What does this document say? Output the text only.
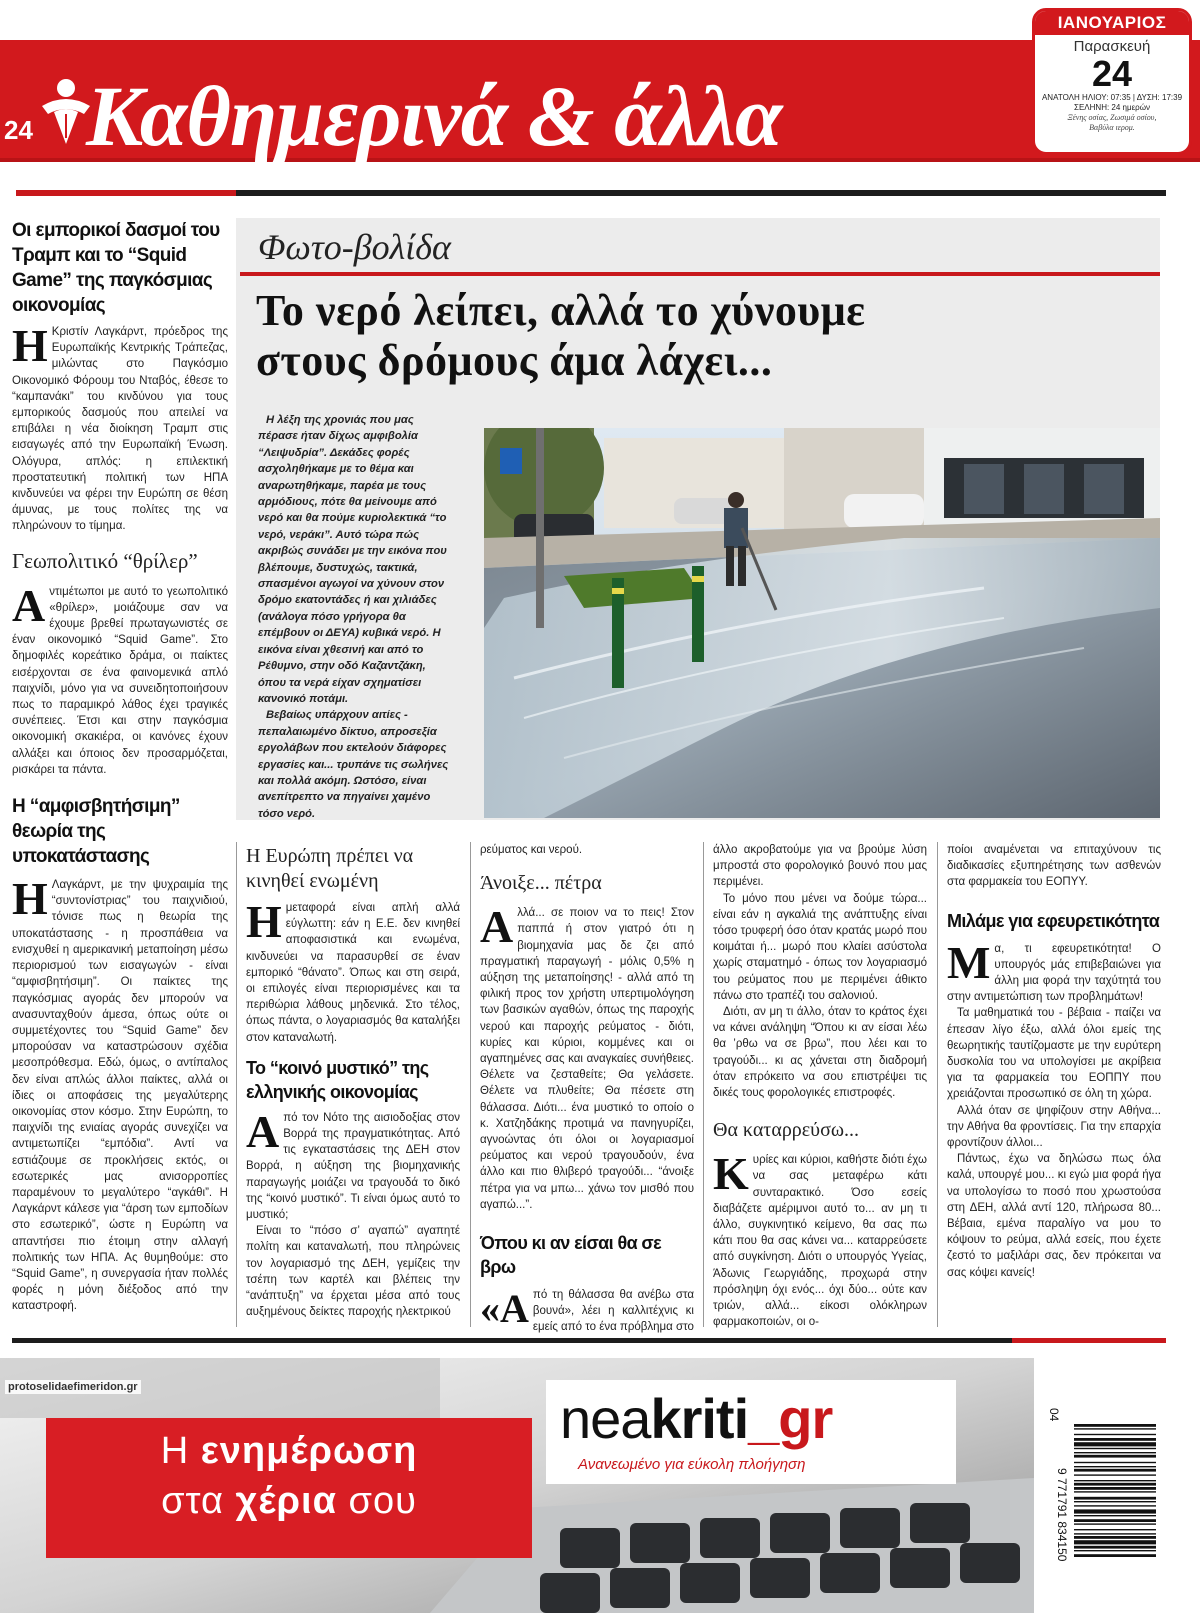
24 Καθημερινά & άλλα
ΙΑΝΟΥΑΡΙΟΣ
Παρασκευή
24
ΑΝΑΤΟΛΗ ΗΛΙΟΥ: 07:35 | ΔΥΣΗ: 17:39
ΣΕΛΗΝΗ: 24 ημερών
Ξένης οσίας, Ζωσιμά οσίου,
Βαβύλα ιερομ.
Οι εμπορικοί δασμοί του Τραμπ και το “Squid Game” της παγκόσμιας οικονομίας
Η Κριστίν Λαγκάρντ, πρόεδρος της Ευρωπαϊκής Κεντρικής Τράπεζας, μιλώντας στο Παγκόσμιο Οικονομικό Φόρουμ του Νταβός, έθεσε το “καμπανάκι” του κινδύνου για τους εμπορικούς δασμούς που απειλεί να επιβάλει η νέα διοίκηση Τραμπ στις εισαγωγές από την Ευρωπαϊκή Ένωση. Ολόγυρα, απλός: η επιλεκτική προστατευτική πολιτική των ΗΠΑ κινδυνεύει να φέρει την Ευρώπη σε θέση άμυνας, με τους πολίτες της να πληρώνουν το τίμημα.
Γεωπολιτικό “θρίλερ”
Αντιμέτωποι με αυτό το γεωπολιτικό «θρίλερ», μοιάζουμε σαν να έχουμε βρεθεί πρωταγωνιστές σε έναν οικονομικό “Squid Game”. Στο δημοφιλές κορεάτικο δράμα, οι παίκτες εισέρχονται σε ένα φαινομενικά απλό παιχνίδι, μόνο για να συνειδητοποιήσουν πως το παραμικρό λάθος έχει τραγικές συνέπειες. Έτσι και στην παγκόσμια οικονομική σκακιέρα, οι κανόνες έχουν αλλάξει και όποιος δεν προσαρμόζεται, ρισκάρει τα πάντα.
Η “αμφισβητήσιμη” θεωρία της υποκατάστασης
Η Λαγκάρντ, με την ψυχραιμία της “συντονίστριας” του παιχνιδιού, τόνισε πως η θεωρία της υποκατάστασης - η προσπάθεια να ενισχυθεί η αμερικανική μεταποίηση μέσω περιορισμού των εισαγωγών - είναι “αμφισβητήσιμη”. Οι παίκτες της παγκόσμιας αγοράς δεν μπορούν να ανασυνταχθούν άμεσα, όπως ούτε οι συμμετέχοντες του “Squid Game” δεν μπορούσαν να καταστρώσουν σχέδια μεσοπρόθεσμα. Εδώ, όμως, ο αντίπαλος δεν είναι απλώς άλλοι παίκτες, αλλά οι ίδιες οι αποφάσεις της μεγαλύτερης οικονομίας στον κόσμο. Στην Ευρώπη, το παιχνίδι της ενιαίας αγοράς συνεχίζει να αντιμετωπίζει “εμπόδια”. Αντί να εστιάζουμε σε προκλήσεις εκτός, οι εσωτερικές μας ανισορροπίες παραμένουν το μεγαλύτερο “αγκάθι”. Η Λαγκάρντ κάλεσε για “άρση των εμποδίων στο εσωτερικό”, ώστε η Ευρώπη να απαντήσει πιο έτοιμη στην αλλαγή πολιτικής των ΗΠΑ. Ας θυμηθούμε: στο “Squid Game”, η συνεργασία ήταν πολλές φορές η μόνη διέξοδος από την καταστροφή.
Φωτο-βολίδα
Το νερό λείπει, αλλά το χύνουμε
στους δρόμους άμα λάχει...
Η λέξη της χρονιάς που μας πέρασε ήταν δίχως αμφιβολία “Λειψυδρία”. Δεκάδες φορές ασχοληθήκαμε με το θέμα και αναρωτηθήκαμε, παρέα με τους αρμόδιους, πότε θα μείνουμε από νερό και θα πούμε κυριολεκτικά “το νερό, νεράκι”. Αυτό τώρα πώς ακριβώς συνάδει με την εικόνα που βλέπουμε, δυστυχώς, τακτικά, σπασμένοι αγωγοί να χύνουν στον δρόμο εκατοντάδες ή και χιλιάδες (ανάλογα πόσο γρήγορα θα επέμβουν οι ΔΕΥΑ) κυβικά νερό. Η εικόνα είναι χθεσινή και από το Ρέθυμνο, στην οδό Καζαντζάκη, όπου τα νερά είχαν σχηματίσει κανονικό ποτάμι.
Βεβαίως υπάρχουν αιτίες - πεπαλαιωμένο δίκτυο, απροσεξία εργολάβων που εκτελούν διάφορες εργασίες και... τρυπάνε τις σωλήνες και πολλά ακόμη. Ωστόσο, είναι ανεπίτρεπτο να πηγαίνει χαμένο τόσο νερό.
Η Ευρώπη πρέπει να κινηθεί ενωμένη
Ημεταφορά είναι απλή αλλά εύγλωττη: εάν η Ε.Ε. δεν κινηθεί αποφασιστικά και ενωμένα, κινδυνεύει να παρασυρθεί σε έναν εμπορικό “θάνατο”. Όπως και στη σειρά, οι επιλογές είναι περιορισμένες και τα περιθώρια λάθους μηδενικά. Στο τέλος, όπως πάντα, ο λογαριασμός θα καταλήξει στον καταναλωτή.
Το “κοινό μυστικό” της ελληνικής οικονομίας
Από τον Νότο της αισιοδοξίας στον Βορρά της πραγματικότητας. Από τις εγκαταστάσεις της ΔΕΗ στον Βορρά, η αύξηση της βιομηχανικής παραγωγής μοιάζει να τραγουδά το δικό της “κοινό μυστικό”. Τι είναι όμως αυτό το μυστικό;
Είναι το “πόσο σ’ αγαπώ” αγαπητέ πολίτη και καταναλωτή, που πληρώνεις τον λογαριασμό της ΔΕΗ, γεμίζεις την τσέπη των καρτέλ και βλέπεις την “ανάπτυξη” να έρχεται μέσα από τους αυξημένους δείκτες παροχής ηλεκτρικού
ρεύματος και νερού.
Άνοιξε... πέτρα
Αλλά... σε ποιον να το πεις! Στον παππά ή στον γιατρό ότι η βιομηχανία μας δε ζει από πραγματική παραγωγή - μόλις 0,5% η αύξηση της μεταποίησης! - αλλά από τη φιλική προς τον χρήστη υπερτιμολόγηση των βασικών αγαθών, όπως της παροχής νερού και παροχής ρεύματος - διότι, κυρίες και κύριοι, κομμένες και οι αγαπημένες σας και αναγκαίες συνήθειες. Θέλετε να ζεσταθείτε; Θα γελάσετε. Θέλετε να πλυθείτε; Θα πέσετε στη θάλασσα. Διότι... ένα μυστικό το οποίο ο κ. Χατζηδάκης προτιμά να πανηγυρίζει, αγνοώντας ότι όλοι οι λογαριασμοί ρεύματος και νερού τραγουδούν, ένα άλλο και πιο θλιβερό τραγούδι... “άνοιξε πέτρα για να μπω... χάνω τον μισθό που αγαπώ...”.
Όπου κι αν είσαι θα σε βρω
«Από τη θάλασσα θα ανέβω στα βουνά», λέει η καλλιτέχνις κι εμείς από το ένα πρόβλημα στο
άλλο ακροβατούμε για να βρούμε λύση μπροστά στο φορολογικό βουνό που μας περιμένει.
Το μόνο που μένει να δούμε τώρα... είναι εάν η αγκαλιά της ανάπτυξης είναι τόσο τρυφερή όσο όταν κρατάς μωρό που κοιμάται ή... μωρό που κλαίει ασύστολα χωρίς σταματημό - όπως τον λογαριασμό του ρεύματος που με περιμένει άθικτο πάνω στο τραπέζι του σαλονιού.
Διότι, αν μη τι άλλο, όταν το κράτος έχει να κάνει ανάληψη “Όπου κι αν είσαι λέω θα ’ρθω να σε βρω”, που λέει και το τραγούδι... κι ας χάνεται στη διαδρομή όταν επρόκειτο να σου επιστρέψει τις δικές τους φορολογικές επιστροφές.
Θα καταρρεύσω...
Κυρίες και κύριοι, καθήστε διότι έχω να σας μεταφέρω κάτι συνταρακτικό. Όσο εσείς διαβάζετε αμέριμνοι αυτό το... αν μη τι άλλο, συγκινητικό κείμενο, θα σας πω κάτι που θα σας κάνει να... καταρρεύσετε από συγκίνηση. Διότι ο υπουργός Υγείας, Άδωνις Γεωργιάδης, προχωρά στην πρόσληψη όχι ενός... όχι δύο... ούτε καν τριών, αλλά... είκοσι ολόκληρων φαρμακοποιών, οι ο-
ποίοι αναμένεται να επιταχύνουν τις διαδικασίες εξυπηρέτησης των ασθενών στα φαρμακεία του ΕΟΠΥΥ.
Μιλάμε για εφευρετικότητα
Μα, τι εφευρετικότητα! Ο υπουργός μάς επιβεβαιώνει για άλλη μια φορά την ταχύτητά του στην αντιμετώπιση των προβλημάτων!
Τα μαθηματικά του - βέβαια - παίζει να έπεσαν λίγο έξω, αλλά όλοι εμείς της θεωρητικής ταυτίζομαστε με την ευρύτερη δυσκολία του να υπολογίσει με ακρίβεια για τα φαρμακεία του ΕΟΠΠΥ που χρειάζονται προσωπικό σε όλη τη χώρα.
Αλλά όταν σε ψηφίζουν στην Αθήνα... την Αθήνα θα φροντίσεις. Για την επαρχία φροντίζουν άλλοι...
Πάντως, έχω να δηλώσω πως όλα καλά, υπουργέ μου... κι εγώ μια φορά ήγα να υπολογίσω το ποσό που χρωστούσα στη ΔΕΗ, αλλά αντί 120, πλήρωσα 80... Βέβαια, εμένα παραλίγο να μου το κόψουν το ρεύμα, αλλά εσείς, που έχετε ζεστό το μαξιλάρι σας, δεν πρόκειται να σας κόψει κανείς!
protoselidaefimeridon.gr
Η ενημέρωση
στα χέρια σου
neakriti_gr
Ανανεωμένο για εύκολη πλοήγηση
04
9 771791 834150
